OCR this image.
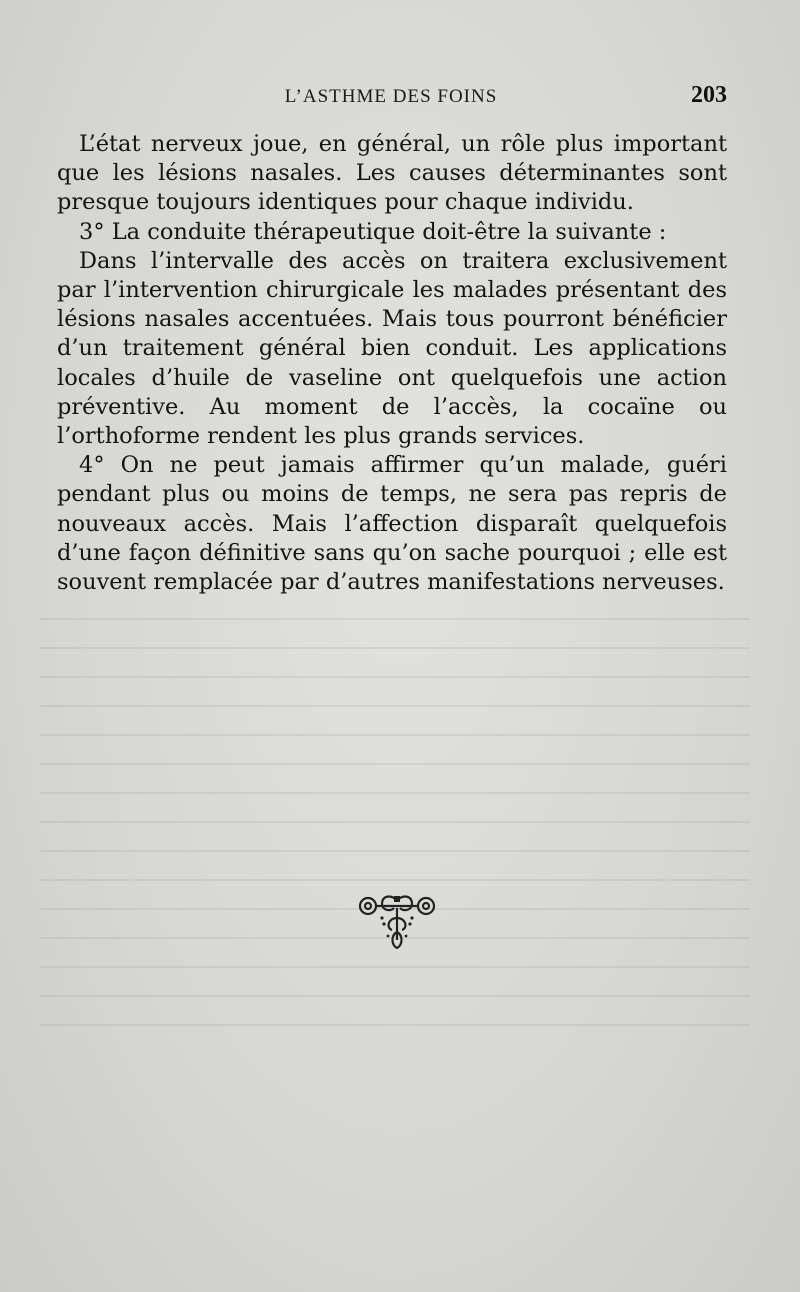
L’ASTHME DES FOINS	203

L’état nerveux joue, en général, un rôle plus important que les lésions nasales. Les causes déterminantes sont presque toujours identiques pour chaque individu.

3° La conduite thérapeutique doit-être la suivante :

Dans l’intervalle des accès on traitera exclusivement par l’intervention chirurgicale les malades présentant des lésions nasales accentuées. Mais tous pourront bénéficier d’un traitement général bien conduit. Les applications locales d’huile de vaseline ont quelquefois une action préventive. Au moment de l’accès, la cocaïne ou l’orthoforme rendent les plus grands services.

4° On ne peut jamais affirmer qu’un malade, guéri pendant plus ou moins de temps, ne sera pas repris de nouveaux accès. Mais l’affection disparaît quelquefois d’une façon définitive sans qu’on sache pourquoi ; elle est souvent remplacée par d’autres manifestations nerveuses.
